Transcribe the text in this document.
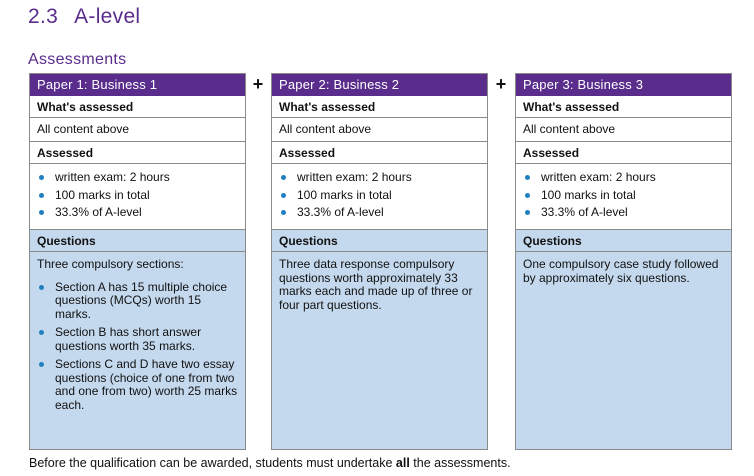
2.3 A-level
Assessments
Paper 1: Business 1
What's assessed
All content above
Assessed
written exam: 2 hours
100 marks in total
33.3% of A-level
Questions
Three compulsory sections:
Section A has 15 multiple choice questions (MCQs) worth 15 marks.
Section B has short answer questions worth 35 marks.
Sections C and D have two essay questions (choice of one from two and one from two) worth 25 marks each.
+	Paper 2: Business 2
What's assessed
All content above
Assessed
written exam: 2 hours
100 marks in total
33.3% of A-level
Questions
Three data response compulsory questions worth approximately 33 marks each and made up of three or four part questions.
+	Paper 3: Business 3
What's assessed
All content above
Assessed
written exam: 2 hours
100 marks in total
33.3% of A-level
Questions
One compulsory case study followed by approximately six questions.
Before the qualification can be awarded, students must undertake all the assessments.
